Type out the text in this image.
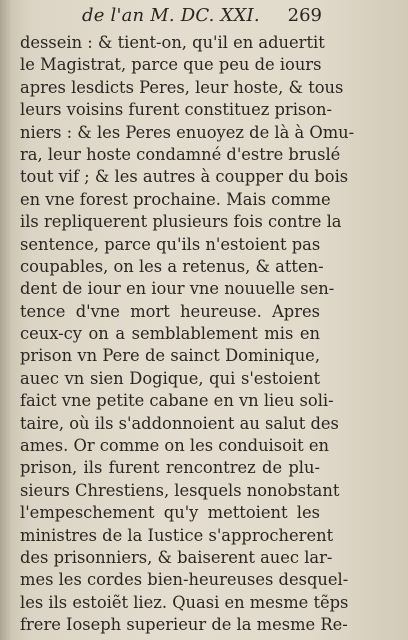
de l'an M. DC. XXI. 269
dessein : & tient-on, qu'il en aduertit
le Magistrat, parce que peu de iours
apres lesdicts Peres, leur hoste, & tous
leurs voisins furent constituez prison-
niers : & les Peres enuoyez de là à Omu-
ra, leur hoste condamné d'estre bruslé
tout vif ; & les autres à coupper du bois
en vne forest prochaine. Mais comme
ils repliquerent plusieurs fois contre la
sentence, parce qu'ils n'estoient pas
coupables, on les a retenus, & atten-
dent de iour en iour vne nouuelle sen-
tence d'vne mort heureuse. Apres
ceux-cy on a semblablement mis en
prison vn Pere de sainct Dominique,
auec vn sien Dogique, qui s'estoient
faict vne petite cabane en vn lieu soli-
taire, où ils s'addonnoient au salut des
ames. Or comme on les conduisoit en
prison, ils furent rencontrez de plu-
sieurs Chrestiens, lesquels nonobstant
l'empeschement qu'y mettoient les
ministres de la Iustice s'approcherent
des prisonniers, & baiserent auec lar-
mes les cordes bien-heureuses desquel-
les ils estoiẽt liez. Quasi en mesme tẽps
frere Ioseph superieur de la mesme Re-
